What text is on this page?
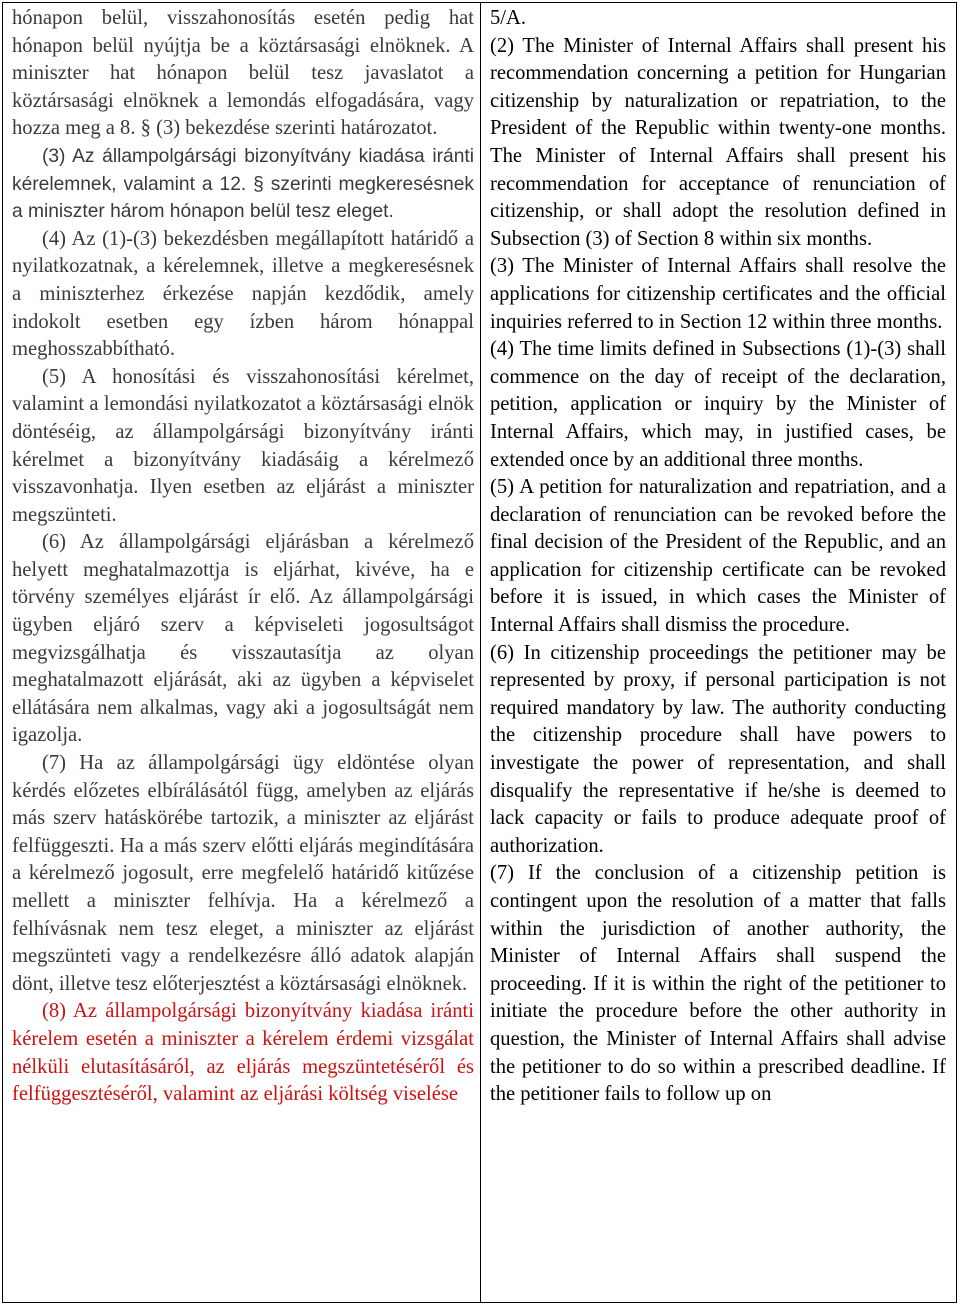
hónapon belül, visszahonosítás esetén pedig hat hónapon belül nyújtja be a köztársasági elnöknek. A miniszter hat hónapon belül tesz javaslatot a köztársasági elnöknek a lemondás elfogadására, vagy hozza meg a 8. § (3) bekezdése szerinti határozatot.

(3) Az állampolgársági bizonyítvány kiadása iránti kérelemnek, valamint a 12. § szerinti megkeresésnek a miniszter három hónapon belül tesz eleget.

(4) Az (1)-(3) bekezdésben megállapított határidő a nyilatkozatnak, a kérelemnek, illetve a megkeresésnek a miniszterhez érkezése napján kezdődik, amely indokolt esetben egy ízben három hónappal meghosszabbítható.

(5) A honosítási és visszahonosítási kérelmet, valamint a lemondási nyilatkozatot a köztársasági elnök döntéséig, az állampolgársági bizonyítvány iránti kérelmet a bizonyítvány kiadásáig a kérelmező visszavonhatja. Ilyen esetben az eljárást a miniszter megszünteti.

(6) Az állampolgársági eljárásban a kérelmező helyett meghatalmazottja is eljárhat, kivéve, ha e törvény személyes eljárást ír elő. Az állampolgársági ügyben eljáró szerv a képviseleti jogosultságot megvizsgálhatja és visszautasítja az olyan meghatalmazott eljárását, aki az ügyben a képviselet ellátására nem alkalmas, vagy aki a jogosultságát nem igazolja.

(7) Ha az állampolgársági ügy eldöntése olyan kérdés előzetes elbírálásától függ, amelyben az eljárás más szerv hatáskörébe tartozik, a miniszter az eljárást felfüggeszti. Ha a más szerv előtti eljárás megindítására a kérelmező jogosult, erre megfelelő határidő kitűzése mellett a miniszter felhívja. Ha a kérelmező a felhívásnak nem tesz eleget, a miniszter az eljárást megszünteti vagy a rendelkezésre álló adatok alapján dönt, illetve tesz előterjesztést a köztársasági elnöknek.

(8) Az állampolgársági bizonyítvány kiadása iránti kérelem esetén a miniszter a kérelem érdemi vizsgálat nélküli elutasításáról, az eljárás megszüntetéséről és felfüggesztéséről, valamint az eljárási költség viselése

5/A.

(2) The Minister of Internal Affairs shall present his recommendation concerning a petition for Hungarian citizenship by naturalization or repatriation, to the President of the Republic within twenty-one months. The Minister of Internal Affairs shall present his recommendation for acceptance of renunciation of citizenship, or shall adopt the resolution defined in Subsection (3) of Section 8 within six months.

(3) The Minister of Internal Affairs shall resolve the applications for citizenship certificates and the official inquiries referred to in Section 12 within three months.

(4) The time limits defined in Subsections (1)-(3) shall commence on the day of receipt of the declaration, petition, application or inquiry by the Minister of Internal Affairs, which may, in justified cases, be extended once by an additional three months.

(5) A petition for naturalization and repatriation, and a declaration of renunciation can be revoked before the final decision of the President of the Republic, and an application for citizenship certificate can be revoked before it is issued, in which cases the Minister of Internal Affairs shall dismiss the procedure.

(6) In citizenship proceedings the petitioner may be represented by proxy, if personal participation is not required mandatory by law. The authority conducting the citizenship procedure shall have powers to investigate the power of representation, and shall disqualify the representative if he/she is deemed to lack capacity or fails to produce adequate proof of authorization.

(7) If the conclusion of a citizenship petition is contingent upon the resolution of a matter that falls within the jurisdiction of another authority, the Minister of Internal Affairs shall suspend the proceeding. If it is within the right of the petitioner to initiate the procedure before the other authority in question, the Minister of Internal Affairs shall advise the petitioner to do so within a prescribed deadline. If the petitioner fails to follow up on
